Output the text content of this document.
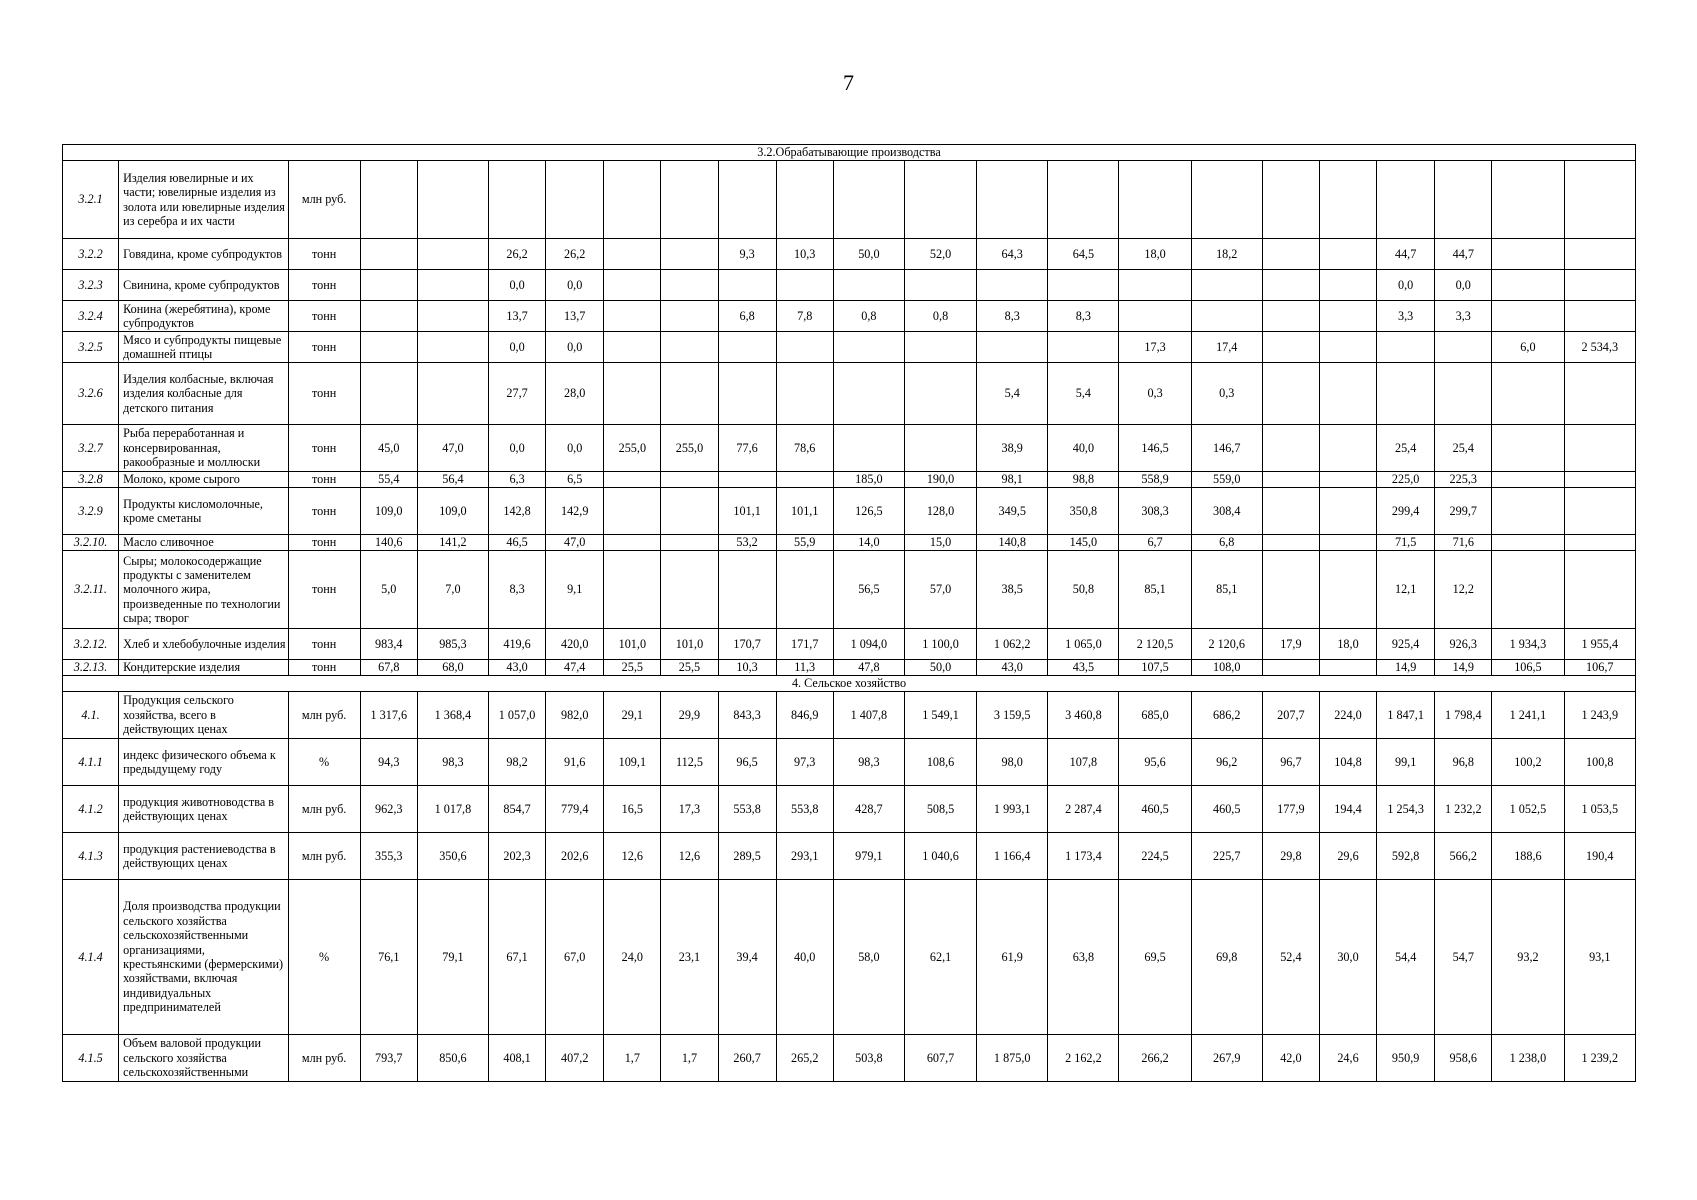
7
3.2.Обрабатывающие производства																						
3.2.1	Изделия ювелирные и их части; ювелирные изделия из золота или ювелирные изделия из серебра и их части	млн руб.																				
3.2.2	Говядина, кроме субпродуктов	тонн			26,2	26,2			9,3	10,3	50,0	52,0	64,3	64,5	18,0	18,2			44,7	44,7		
3.2.3	Свинина, кроме субпродуктов	тонн			0,0	0,0													0,0	0,0		
3.2.4	Конина (жеребятина), кроме субпродуктов	тонн			13,7	13,7			6,8	7,8	0,8	0,8	8,3	8,3					3,3	3,3		
3.2.5	Мясо и субпродукты пищевые домашней птицы	тонн			0,0	0,0									17,3	17,4					6,0	2 534,3
3.2.6	Изделия колбасные, включая изделия колбасные для детского питания	тонн			27,7	28,0							5,4	5,4	0,3	0,3						
3.2.7	Рыба переработанная и консервированная, ракообразные и моллюски	тонн	45,0	47,0	0,0	0,0	255,0	255,0	77,6	78,6			38,9	40,0	146,5	146,7			25,4	25,4		
3.2.8	Молоко, кроме сырого	тонн	55,4	56,4	6,3	6,5					185,0	190,0	98,1	98,8	558,9	559,0			225,0	225,3		
3.2.9	Продукты кисломолочные, кроме сметаны	тонн	109,0	109,0	142,8	142,9			101,1	101,1	126,5	128,0	349,5	350,8	308,3	308,4			299,4	299,7		
3.2.10.	Масло сливочное	тонн	140,6	141,2	46,5	47,0			53,2	55,9	14,0	15,0	140,8	145,0	6,7	6,8			71,5	71,6		
3.2.11.	Сыры; молокосодержащие продукты с заменителем молочного жира, произведенные по технологии сыра; творог	тонн	5,0	7,0	8,3	9,1					56,5	57,0	38,5	50,8	85,1	85,1			12,1	12,2		
3.2.12.	Хлеб и хлебобулочные изделия	тонн	983,4	985,3	419,6	420,0	101,0	101,0	170,7	171,7	1 094,0	1 100,0	1 062,2	1 065,0	2 120,5	2 120,6	17,9	18,0	925,4	926,3	1 934,3	1 955,4
3.2.13.	Кондитерские изделия	тонн	67,8	68,0	43,0	47,4	25,5	25,5	10,3	11,3	47,8	50,0	43,0	43,5	107,5	108,0			14,9	14,9	106,5	106,7
4. Сельское хозяйство																						
4.1.	Продукция сельского хозяйства, всего в действующих ценах	млн руб.	1 317,6	1 368,4	1 057,0	982,0	29,1	29,9	843,3	846,9	1 407,8	1 549,1	3 159,5	3 460,8	685,0	686,2	207,7	224,0	1 847,1	1 798,4	1 241,1	1 243,9
4.1.1	индекс физического объема к предыдущему году	%	94,3	98,3	98,2	91,6	109,1	112,5	96,5	97,3	98,3	108,6	98,0	107,8	95,6	96,2	96,7	104,8	99,1	96,8	100,2	100,8
4.1.2	продукция животноводства в действующих ценах	млн руб.	962,3	1 017,8	854,7	779,4	16,5	17,3	553,8	553,8	428,7	508,5	1 993,1	2 287,4	460,5	460,5	177,9	194,4	1 254,3	1 232,2	1 052,5	1 053,5
4.1.3	продукция растениеводства в действующих ценах	млн руб.	355,3	350,6	202,3	202,6	12,6	12,6	289,5	293,1	979,1	1 040,6	1 166,4	1 173,4	224,5	225,7	29,8	29,6	592,8	566,2	188,6	190,4
4.1.4	Доля производства продукции сельского хозяйства сельскохозяйственными организациями, крестьянскими (фермерскими) хозяйствами, включая индивидуальных предпринимателей	%	76,1	79,1	67,1	67,0	24,0	23,1	39,4	40,0	58,0	62,1	61,9	63,8	69,5	69,8	52,4	30,0	54,4	54,7	93,2	93,1
4.1.5	Объем валовой продукции сельского хозяйства сельскохозяйственными	млн руб.	793,7	850,6	408,1	407,2	1,7	1,7	260,7	265,2	503,8	607,7	1 875,0	2 162,2	266,2	267,9	42,0	24,6	950,9	958,6	1 238,0	1 239,2
